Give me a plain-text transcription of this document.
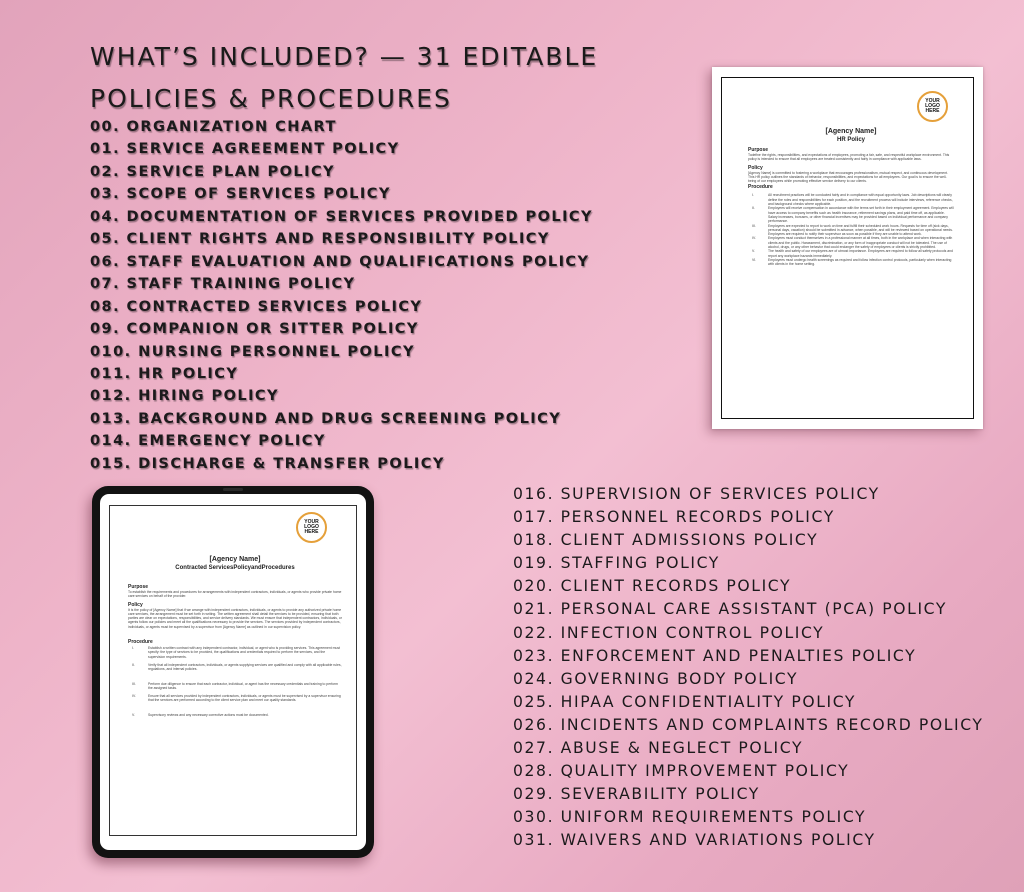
WHAT’S INCLUDED? — 31 EDITABLE
POLICIES & PROCEDURES
00. ORGANIZATION CHART
01. SERVICE AGREEMENT POLICY
02. SERVICE PLAN POLICY
03. SCOPE OF SERVICES POLICY
04. DOCUMENTATION OF SERVICES PROVIDED POLICY
05. CLIENT RIGHTS AND RESPONSIBILITY POLICY
06. STAFF EVALUATION AND QUALIFICATIONS POLICY
07. STAFF TRAINING POLICY
08. CONTRACTED SERVICES POLICY
09. COMPANION OR SITTER POLICY
010. NURSING PERSONNEL POLICY
011. HR POLICY
012. HIRING POLICY
013. BACKGROUND AND DRUG SCREENING POLICY
014. EMERGENCY POLICY
015. DISCHARGE & TRANSFER POLICY
016. SUPERVISION OF SERVICES POLICY
017. PERSONNEL RECORDS POLICY
018. CLIENT ADMISSIONS POLICY
019. STAFFING POLICY
020. CLIENT RECORDS POLICY
021. PERSONAL CARE ASSISTANT (PCA) POLICY
022. INFECTION CONTROL POLICY
023. ENFORCEMENT AND PENALTIES POLICY
024. GOVERNING BODY POLICY
025. HIPAA CONFIDENTIALITY POLICY
026. INCIDENTS AND COMPLAINTS RECORD POLICY
027. ABUSE & NEGLECT POLICY
028. QUALITY IMPROVEMENT POLICY
029. SEVERABILITY POLICY
030. UNIFORM REQUIREMENTS POLICY
031. WAIVERS AND VARIATIONS POLICY
YOUR
LOGO
HERE
[Agency Name]
HR Policy
Purpose
Todefine the rights, responsibilities, and expectations of employees, promoting a fair, safe, and respectful workplace environment. This policy is intended to ensure that all employees are treated consistently and fairly in compliance with applicable laws.
Policy
[Agency Name] is committed to fostering a workplace that encourages professionalism, mutual respect, and continuous development. This HR policy outlines the standards of behavior, responsibilities, and expectations for all employees. Our goal is to ensure the well-being of our employees while promoting effective service delivery to our clients.
Procedure
I.	All recruitment practices will be conducted fairly and in compliance with equal opportunity laws. Job descriptions will clearly define the roles and responsibilities for each position, and the recruitment process will include interviews, reference checks, and background checks where applicable.
II.	Employees will receive compensation in accordance with the terms set forth in their employment agreement. Employees will have access to company benefits such as health insurance, retirement savings plans, and paid time off, as applicable. Salary increases, bonuses, or other financial incentives may be provided based on individual performance and company performance.
III.	Employees are expected to report to work on time and fulfill their scheduled work hours. Requests for time off (sick days, personal days, vacation) should be submitted in advance, when possible, and will be reviewed based on operational needs. Employees are required to notify their supervisor as soon as possible if they are unable to attend work.
IV.	Employees must conduct themselves in a professional manner at all times, both in the workplace and when interacting with clients and the public. Harassment, discrimination, or any form of inappropriate conduct will not be tolerated. The use of alcohol, drugs, or any other behavior that could endanger the safety of employees or clients is strictly prohibited.
V.	The health and safety of our employees are of utmost importance. Employees are required to follow all safety protocols and report any workplace hazards immediately.
VI.	Employees must undergo health screenings as required and follow infection control protocols, particularly when interacting with clients in the home setting.
YOUR
LOGO
HERE
[Agency Name]
Contracted ServicesPolicyandProcedures
Purpose
To establish the requirements and procedures for arrangements with independent contractors, individuals, or agents who provide private home care services on behalf of the provider.
Policy
It is the policy of [Agency Name] that if we arrange with independent contractors, individuals, or agents to provide any authorized private home care services, the arrangement must be set forth in writing. The written agreement shall detail the services to be provided, ensuring that both parties are clear on expectations, responsibilities, and service delivery standards. We must ensure that independent contractors, individuals, or agents follow our policies and meet all the qualifications necessary to provide the services. The services provided by independent contractors, individuals, or agents must be supervised by a supervisor from [Agency Name] as outlined in our supervision policy.
Procedure
I.	Establish a written contract with any independent contractor, individual, or agent who is providing services. This agreement must specify: the type of services to be provided, the qualifications and credentials required to perform the services, and the supervision requirements.
II.	Verify that all independent contractors, individuals, or agents supplying services are qualified and comply with all applicable rules, regulations, and internal policies.
III.	Perform due diligence to ensure that each contractor, individual, or agent has the necessary credentials and training to perform the assigned tasks.
IV.	Ensure that all services provided by independent contractors, individuals, or agents must be supervised by a supervisor ensuring that the services are performed according to the client service plan and meet our quality standards.
V.	Supervisory reviews and any necessary corrective actions must be documented.
